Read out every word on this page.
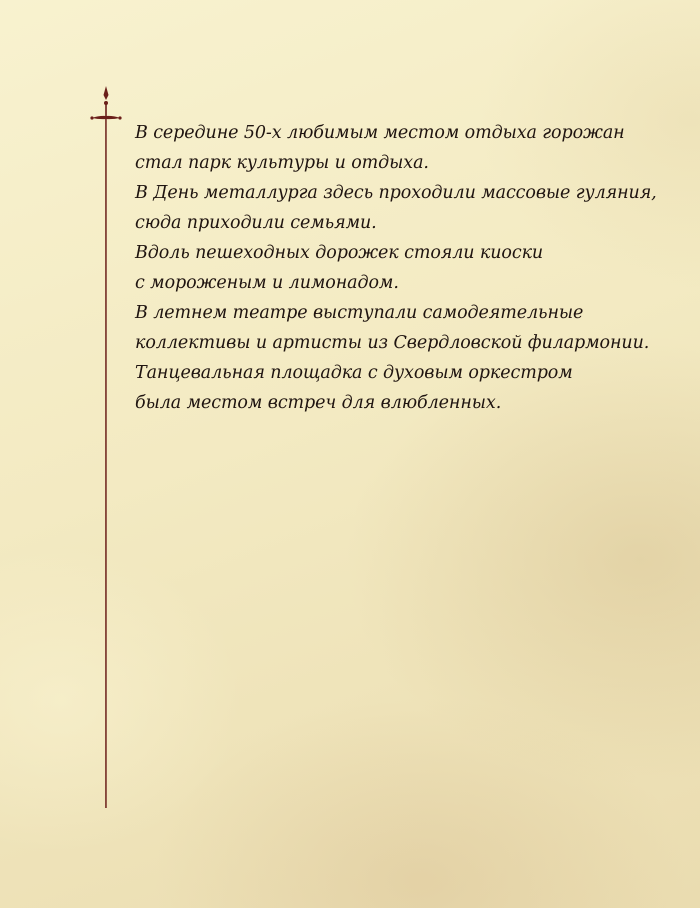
В середине 50-х любимым местом отдыха горожан
стал парк культуры и отдыха.
В День металлурга здесь проходили массовые гуляния,
сюда приходили семьями.
Вдоль пешеходных дорожек стояли киоски
с мороженым и лимонадом.
В летнем театре выступали самодеятельные
коллективы и артисты из Свердловской филармонии.
Танцевальная площадка с духовым оркестром
была местом встреч для влюбленных.
